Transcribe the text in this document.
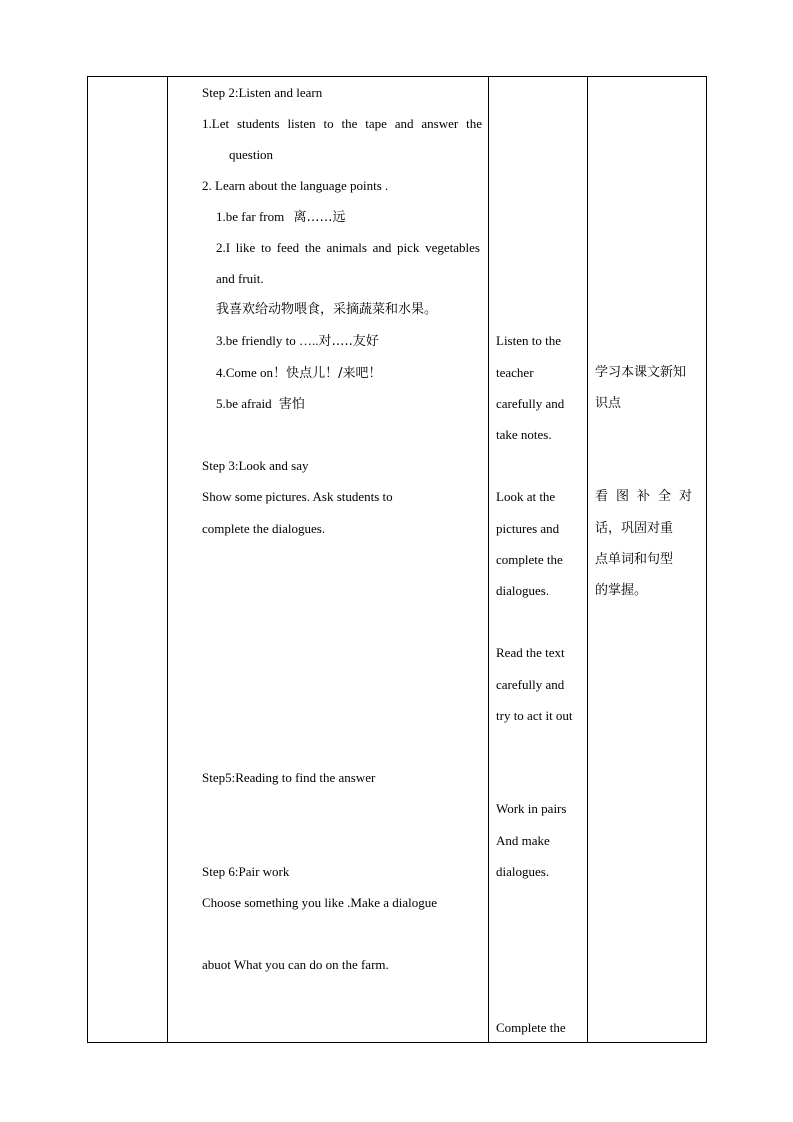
Step 2:Listen and learn
1.Let students listen to the tape and answer the
question
2. Learn about the language points .
1.be far from 离……远
2.I like to feed the animals and pick vegetables
and fruit.
我喜欢给动物喂食，采摘蔬菜和水果。
3.be friendly to …..对…..友好
4.Come on！快点儿！/来吧！
5.be afraid 害怕
Step 3:Look and say
Show some pictures. Ask students to
complete the dialogues.
Step5:Reading to find the answer
Step 6:Pair work
Choose something you like .Make a dialogue
abuot What you can do on the farm.
Listen to the
teacher
carefully and
take notes.
Look at the
pictures and
complete the
dialogues.
Read the text
carefully and
try to act it out
Work in pairs
And make
dialogues.
Complete the
学习本课文新知
识点
看 图 补 全 对
话，巩固对重
点单词和句型
的掌握。
